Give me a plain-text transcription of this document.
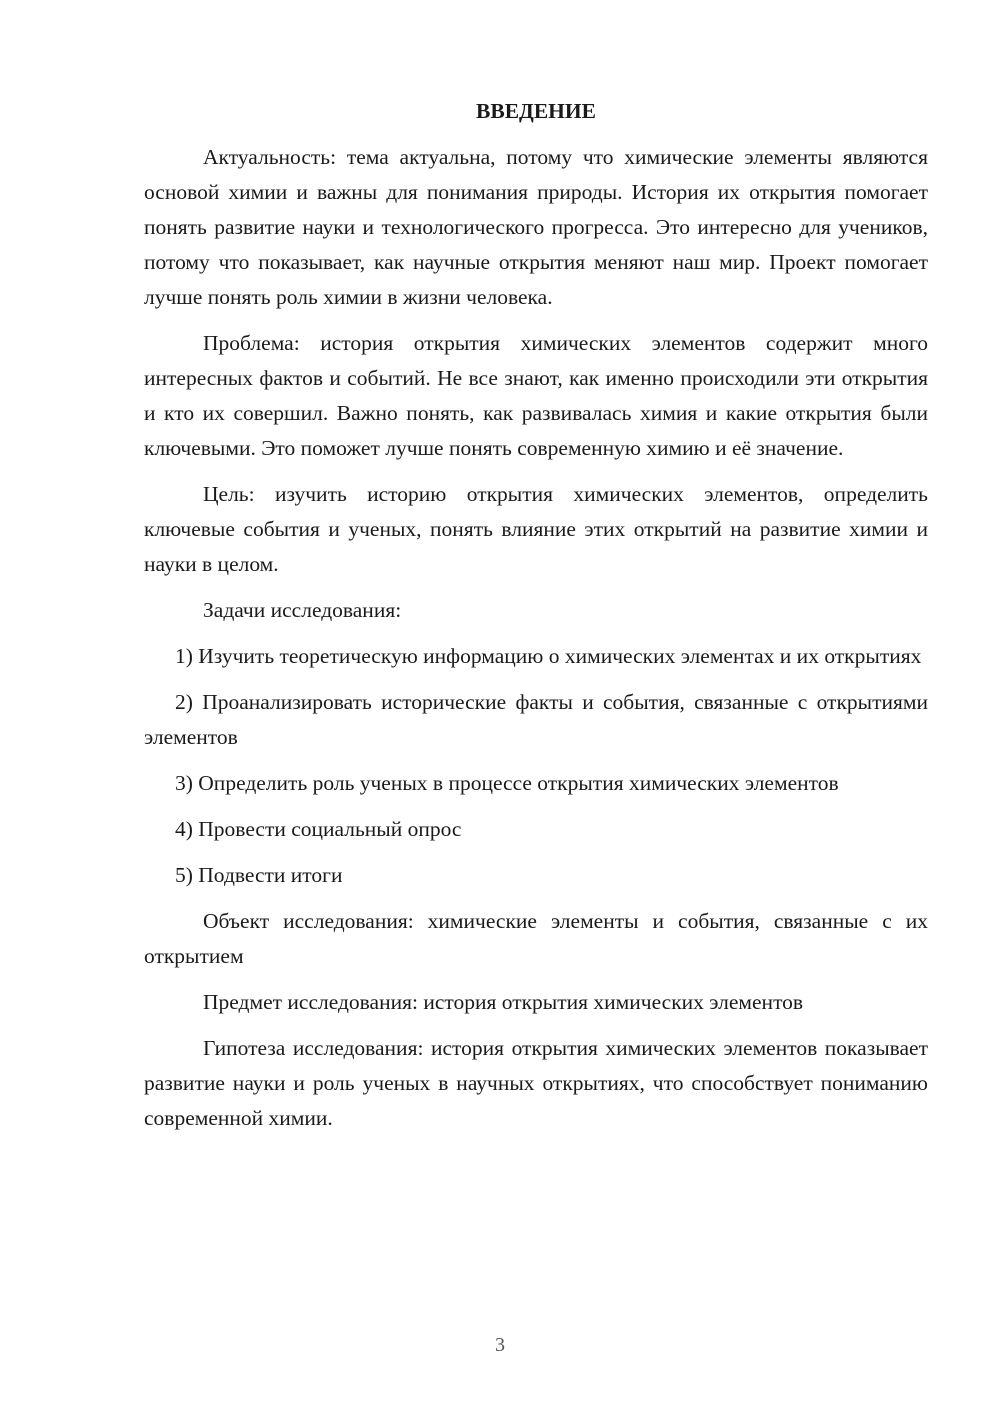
ВВЕДЕНИЕ

Актуальность: тема актуальна, потому что химические элементы являются основой химии и важны для понимания природы. История их открытия помогает понять развитие науки и технологического прогресса. Это интересно для учеников, потому что показывает, как научные открытия меняют наш мир. Проект помогает лучше понять роль химии в жизни человека.

Проблема: история открытия химических элементов содержит много интересных фактов и событий. Не все знают, как именно происходили эти открытия и кто их совершил. Важно понять, как развивалась химия и какие открытия были ключевыми. Это поможет лучше понять современную химию и её значение.

Цель: изучить историю открытия химических элементов, определить ключевые события и ученых, понять влияние этих открытий на развитие химии и науки в целом.

Задачи исследования:

1) Изучить теоретическую информацию о химических элементах и их открытиях

2) Проанализировать исторические факты и события, связанные с открытиями элементов

3) Определить роль ученых в процессе открытия химических элементов

4) Провести социальный опрос

5) Подвести итоги

Объект исследования: химические элементы и события, связанные с их открытием

Предмет исследования: история открытия химических элементов

Гипотеза исследования: история открытия химических элементов показывает развитие науки и роль ученых в научных открытиях, что способствует пониманию современной химии.

3
